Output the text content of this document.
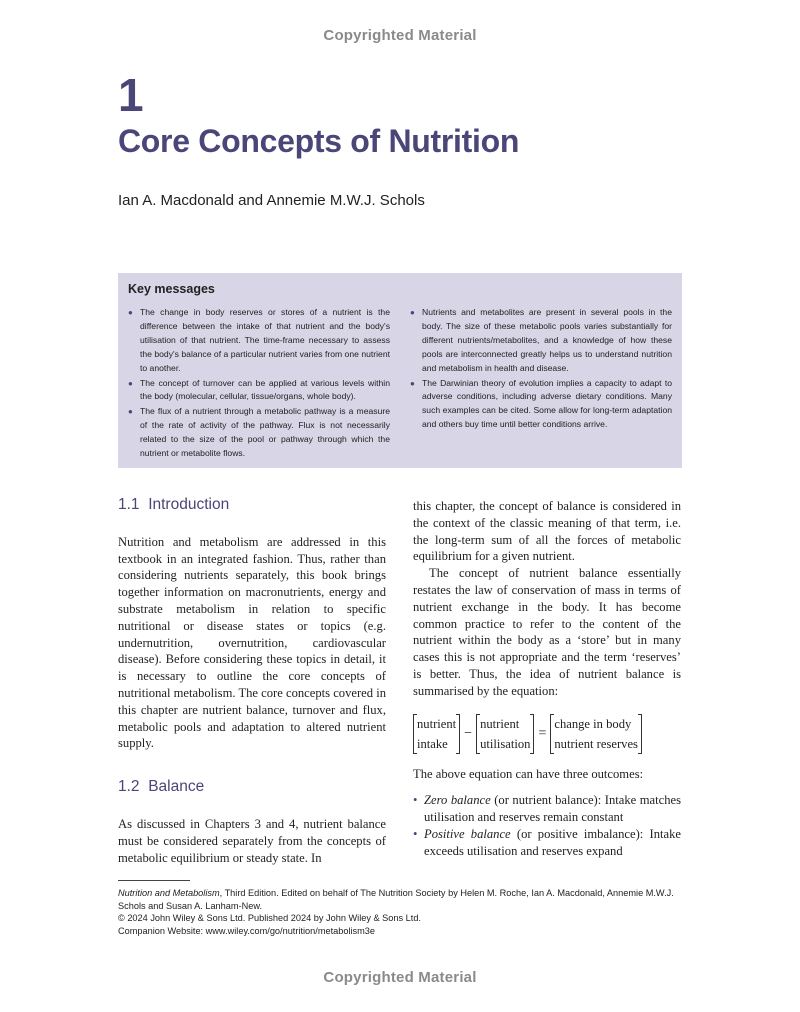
Copyrighted Material
1
Core Concepts of Nutrition
Ian A. Macdonald and Annemie M.W.J. Schols
Key messages
● The change in body reserves or stores of a nutrient is the difference between the intake of that nutrient and the body's utilisation of that nutrient. The time-frame necessary to assess the body's balance of a particular nutrient varies from one nutrient to another.
● The concept of turnover can be applied at various levels within the body (molecular, cellular, tissue/organs, whole body).
● The flux of a nutrient through a metabolic pathway is a measure of the rate of activity of the pathway. Flux is not necessarily related to the size of the pool or pathway through which the nutrient or metabolite flows.
● Nutrients and metabolites are present in several pools in the body. The size of these metabolic pools varies substantially for different nutrients/metabolites, and a knowledge of how these pools are interconnected greatly helps us to understand nutrition and metabolism in health and disease.
● The Darwinian theory of evolution implies a capacity to adapt to adverse conditions, including adverse dietary conditions. Many such examples can be cited. Some allow for long-term adaptation and others buy time until better conditions arrive.
1.1 Introduction

Nutrition and metabolism are addressed in this textbook in an integrated fashion. Thus, rather than considering nutrients separately, this book brings together information on macronutrients, energy and substrate metabolism in relation to specific nutritional or disease states or topics (e.g. undernutrition, overnutrition, cardiovascular disease). Before considering these topics in detail, it is necessary to outline the core concepts of nutritional metabolism. The core concepts covered in this chapter are nutrient balance, turnover and flux, metabolic pools and adaptation to altered nutrient supply.

1.2 Balance

As discussed in Chapters 3 and 4, nutrient balance must be considered separately from the concepts of metabolic equilibrium or steady state. In

this chapter, the concept of balance is considered in the context of the classic meaning of that term, i.e. the long-term sum of all the forces of metabolic equilibrium for a given nutrient.

The concept of nutrient balance essentially restates the law of conservation of mass in terms of nutrient exchange in the body. It has become common practice to refer to the content of the nutrient within the body as a ‘store’ but in many cases this is not appropriate and the term ‘reserves’ is better. Thus, the idea of nutrient balance is summarised by the equation:

nutrient
intake
−
nutrient
utilisation
=
change in body
nutrient reserves

The above equation can have three outcomes:

• Zero balance (or nutrient balance): Intake matches utilisation and reserves remain constant
• Positive balance (or positive imbalance): Intake exceeds utilisation and reserves expand

Nutrition and Metabolism, Third Edition. Edited on behalf of The Nutrition Society by Helen M. Roche, Ian A. Macdonald, Annemie M.W.J. Schols and Susan A. Lanham-New.

© 2024 John Wiley & Sons Ltd. Published 2024 by John Wiley & Sons Ltd.

Companion Website: www.wiley.com/go/nutrition/metabolism3e

Copyrighted Material
